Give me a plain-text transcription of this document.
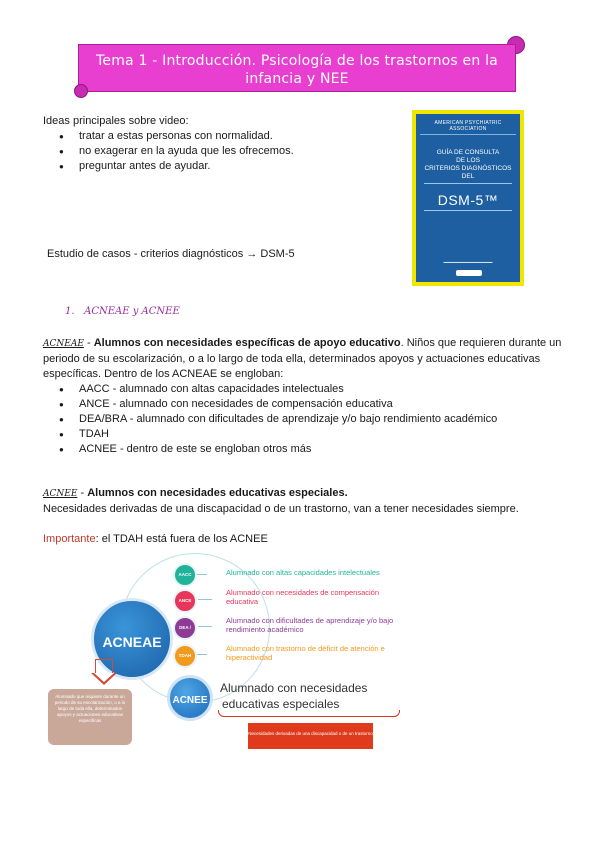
Tema 1 - Introducción. Psicología de los trastornos en la
infancia y NEE
Ideas principales sobre video:
● tratar a estas personas con normalidad.
● no exagerar en la ayuda que les ofrecemos.
● preguntar antes de ayudar.
Estudio de casos - criterios diagnósticos → DSM-5
AMERICAN PSYCHIATRIC ASSOCIATION
GUÍA DE CONSULTA
DE LOS
CRITERIOS DIAGNÓSTICOS
DEL
DSM-5™
▬▬▬▬▬▬▬▬▬▬▬▬▬▬
1. ACNEAE y ACNEE
ACNEAE - Alumnos con necesidades específicas de apoyo educativo. Niños que requieren durante un periodo de su escolarización, o a lo largo de toda ella, determinados apoyos y actuaciones educativas específicas. Dentro de los ACNEAE se engloban:
● AACC - alumnado con altas capacidades intelectuales
● ANCE - alumnado con necesidades de compensación educativa
● DEA/BRA - alumnado con dificultades de aprendizaje y/o bajo rendimiento académico
● TDAH
● ACNEE - dentro de este se engloban otros más
ACNEE - Alumnos con necesidades educativas especiales.
Necesidades derivadas de una discapacidad o de un trastorno, van a tener necesidades siempre.
Importante: el TDAH está fuera de los ACNEE
ACNEAE
AACC	Alumnado con altas capacidades intelectuales
ANCE
Alumnado con necesidades de compensación educativa
DEA /
Alumnado con dificultades de aprendizaje y/o bajo rendimiento académico
TDAH
Alumnado con trastorno de déficit de atención e hiperactividad
ACNEE
Alumnado con necesidades
educativas especiales
Necesidades derivadas de una discapacidad o de un trastorno
Alumnado que requiere durante un periodo de su escolarización, o a lo largo de toda ella, determinados apoyos y actuaciones educativas específicas
